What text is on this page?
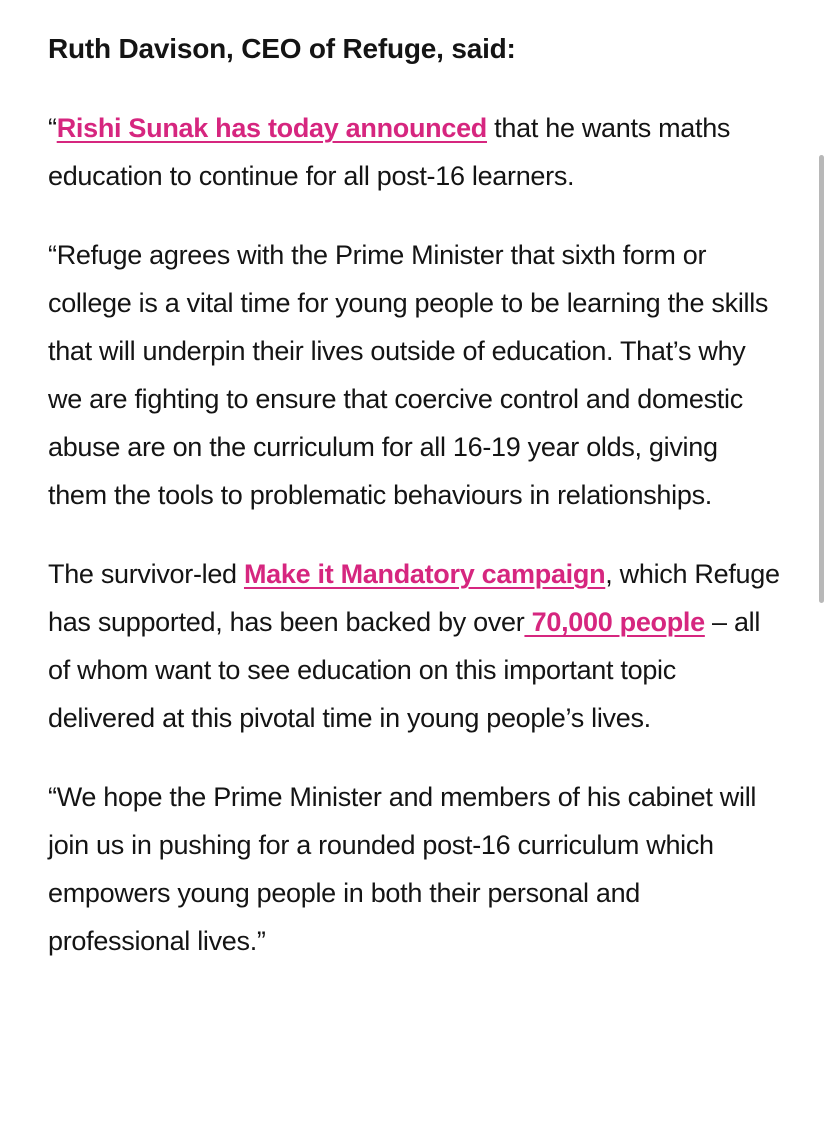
Ruth Davison, CEO of Refuge, said:

“Rishi Sunak has today announced that he wants maths education to continue for all post-16 learners.

“Refuge agrees with the Prime Minister that sixth form or college is a vital time for young people to be learning the skills that will underpin their lives outside of education. That’s why we are fighting to ensure that coercive control and domestic abuse are on the curriculum for all 16-19 year olds, giving them the tools to problematic behaviours in relationships.

The survivor-led Make it Mandatory campaign, which Refuge has supported, has been backed by over 70,000 people – all of whom want to see education on this important topic delivered at this pivotal time in young people’s lives.

“We hope the Prime Minister and members of his cabinet will join us in pushing for a rounded post-16 curriculum which empowers young people in both their personal and professional lives.”
